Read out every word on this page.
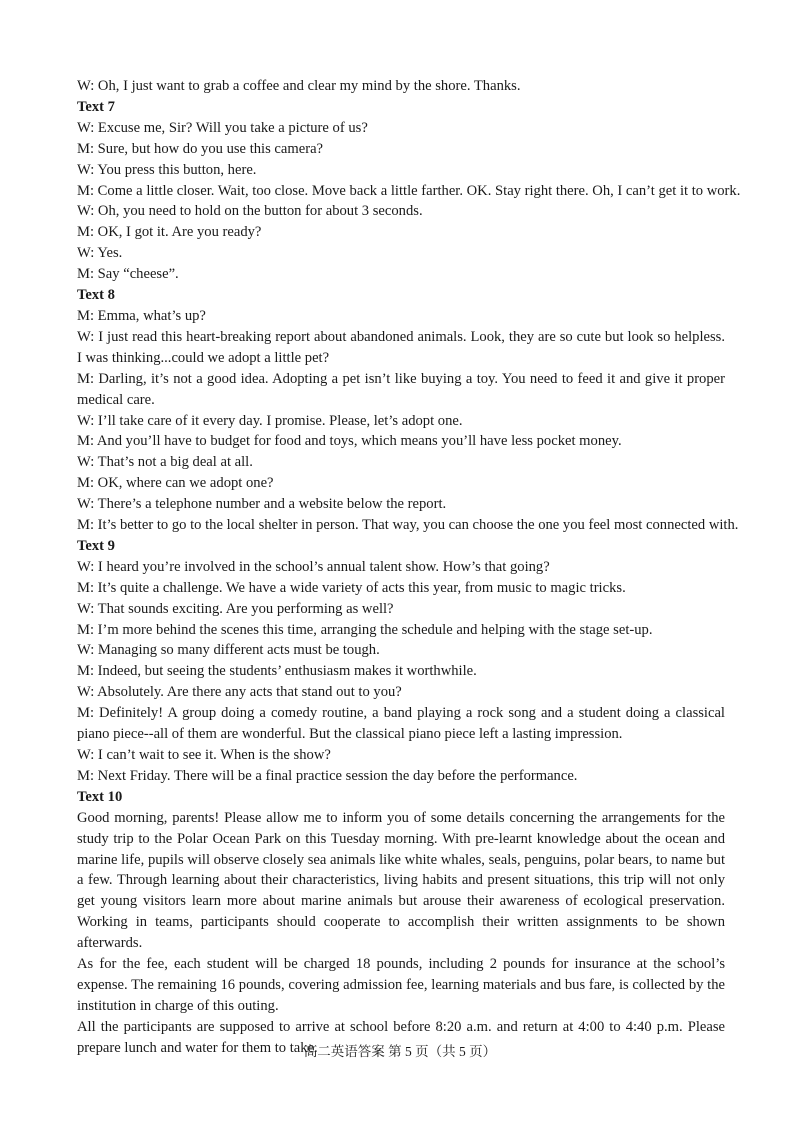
W: Oh, I just want to grab a coffee and clear my mind by the shore. Thanks.

Text 7

W: Excuse me, Sir? Will you take a picture of us?

M: Sure, but how do you use this camera?

W: You press this button, here.

M: Come a little closer. Wait, too close. Move back a little farther. OK. Stay right there. Oh, I can’t get it to work.

W: Oh, you need to hold on the button for about 3 seconds.

M: OK, I got it. Are you ready?

W: Yes.

M: Say “cheese”.

Text 8

M: Emma, what’s up?

W: I just read this heart-breaking report about abandoned animals. Look, they are so cute but look so helpless. I was thinking...could we adopt a little pet?

M: Darling, it’s not a good idea. Adopting a pet isn’t like buying a toy. You need to feed it and give it proper medical care.

W: I’ll take care of it every day. I promise. Please, let’s adopt one.

M: And you’ll have to budget for food and toys, which means you’ll have less pocket money.

W: That’s not a big deal at all.

M: OK, where can we adopt one?

W: There’s a telephone number and a website below the report.

M: It’s better to go to the local shelter in person. That way, you can choose the one you feel most connected with.

Text 9

W: I heard you’re involved in the school’s annual talent show. How’s that going?

M: It’s quite a challenge. We have a wide variety of acts this year, from music to magic tricks.

W: That sounds exciting. Are you performing as well?

M: I’m more behind the scenes this time, arranging the schedule and helping with the stage set-up.

W: Managing so many different acts must be tough.

M: Indeed, but seeing the students’ enthusiasm makes it worthwhile.

W: Absolutely. Are there any acts that stand out to you?

M: Definitely! A group doing a comedy routine, a band playing a rock song and a student doing a classical piano piece--all of them are wonderful. But the classical piano piece left a lasting impression.

W: I can’t wait to see it. When is the show?

M: Next Friday. There will be a final practice session the day before the performance.

Text 10

Good morning, parents! Please allow me to inform you of some details concerning the arrangements for the study trip to the Polar Ocean Park on this Tuesday morning. With pre-learnt knowledge about the ocean and marine life, pupils will observe closely sea animals like white whales, seals, penguins, polar bears, to name but a few. Through learning about their characteristics, living habits and present situations, this trip will not only get young visitors learn more about marine animals but arouse their awareness of ecological preservation. Working in teams, participants should cooperate to accomplish their written assignments to be shown afterwards.

As for the fee, each student will be charged 18 pounds, including 2 pounds for insurance at the school’s expense. The remaining 16 pounds, covering admission fee, learning materials and bus fare, is collected by the institution in charge of this outing.

All the participants are supposed to arrive at school before 8:20 a.m. and return at 4:00 to 4:40 p.m. Please prepare lunch and water for them to take.

高二英语答案 第 5 页（共 5 页）
